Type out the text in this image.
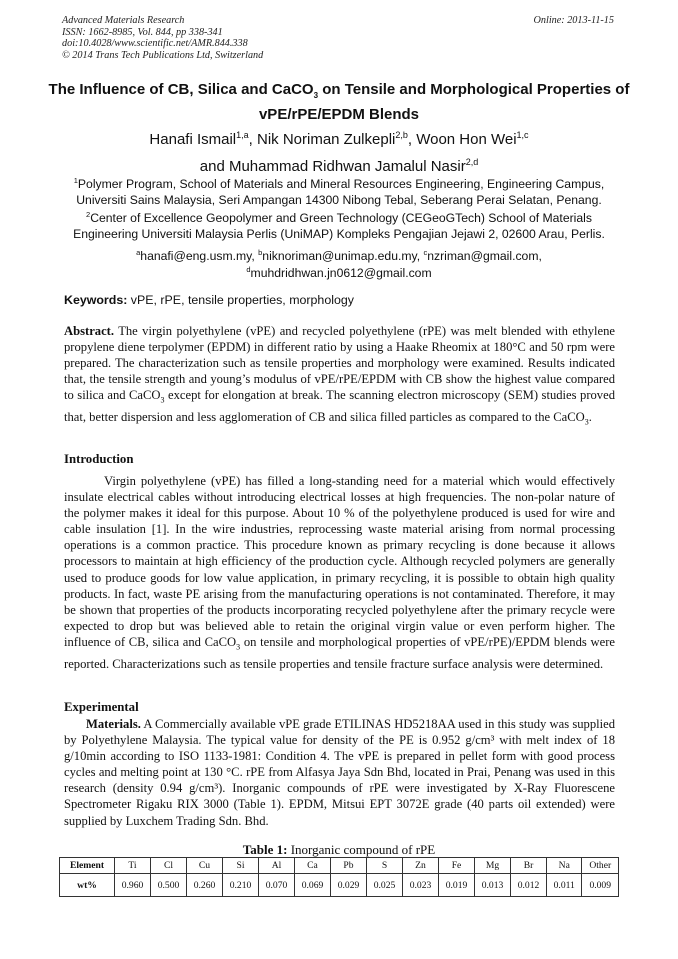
Advanced Materials Research
ISSN: 1662-8985, Vol. 844, pp 338-341
doi:10.4028/www.scientific.net/AMR.844.338
© 2014 Trans Tech Publications Ltd, Switzerland
Online: 2013-11-15
The Influence of CB, Silica and CaCO$_3$ on Tensile and Morphological Properties of vPE/rPE/EPDM Blends
Hanafi Ismail$^{1,a}$, Nik Noriman Zulkepli$^{2,b}$, Woon Hon Wei$^{1,c}$
and Muhammad Ridhwan Jamalul Nasir$^{2,d}$
$^1$Polymer Program, School of Materials and Mineral Resources Engineering, Engineering Campus, Universiti Sains Malaysia, Seri Ampangan 14300 Nibong Tebal, Seberang Perai Selatan, Penang.
$^2$Center of Excellence Geopolymer and Green Technology (CEGeoGTech) School of Materials Engineering Universiti Malaysia Perlis (UniMAP) Kompleks Pengajian Jejawi 2, 02600 Arau, Perlis.
$^a$hanafi@eng.usm.my, $^b$niknoriman@unimap.edu.my, $^c$nzriman@gmail.com,
$^d$muhdridhwan.jn0612@gmail.com
Keywords: vPE, rPE, tensile properties, morphology
Abstract. The virgin polyethylene (vPE) and recycled polyethylene (rPE) was melt blended with ethylene propylene diene terpolymer (EPDM) in different ratio by using a Haake Rheomix at 180°C and 50 rpm were prepared. The characterization such as tensile properties and morphology were examined. Results indicated that, the tensile strength and young’s modulus of vPE/rPE/EPDM with CB show the highest value compared to silica and CaCO$_3$ except for elongation at break. The scanning electron microscopy (SEM) studies proved that, better dispersion and less agglomeration of CB and silica filled particles as compared to the CaCO$_3$.
Introduction
Virgin polyethylene (vPE) has filled a long-standing need for a material which would effectively insulate electrical cables without introducing electrical losses at high frequencies. The non-polar nature of the polymer makes it ideal for this purpose. About 10 % of the polyethylene produced is used for wire and cable insulation [1]. In the wire industries, reprocessing waste material arising from normal processing operations is a common practice. This procedure known as primary recycling is done because it allows processors to maintain at high efficiency of the production cycle. Although recycled polymers are generally used to produce goods for low value application, in primary recycling, it is possible to obtain high quality products. In fact, waste PE arising from the manufacturing operations is not contaminated. Therefore, it may be shown that properties of the products incorporating recycled polyethylene after the primary recycle were expected to drop but was believed able to retain the original virgin value or even perform higher. The influence of CB, silica and CaCO$_3$ on tensile and morphological properties of vPE/rPE)/EPDM blends were reported. Characterizations such as tensile properties and tensile fracture surface analysis were determined.
Experimental
Materials. A Commercially available vPE grade ETILINAS HD5218AA used in this study was supplied by Polyethylene Malaysia. The typical value for density of the PE is 0.952 g/cm³ with melt index of 18 g/10min according to ISO 1133-1981: Condition 4. The vPE is prepared in pellet form with good process cycles and melting point at 130 °C. rPE from Alfasya Jaya Sdn Bhd, located in Prai, Penang was used in this research (density 0.94 g/cm³). Inorganic compounds of rPE were investigated by X-Ray Fluorescene Spectrometer Rigaku RIX 3000 (Table 1). EPDM, Mitsui EPT 3072E grade (40 parts oil extended) were supplied by Luxchem Trading Sdn. Bhd.
Table 1: Inorganic compound of rPE
Element	Ti	Cl	Cu	Si	Al	Ca	Pb	S	Zn	Fe	Mg	Br	Na	Other
wt%	0.960	0.500	0.260	0.210	0.070	0.069	0.029	0.025	0.023	0.019	0.013	0.012	0.011	0.009
